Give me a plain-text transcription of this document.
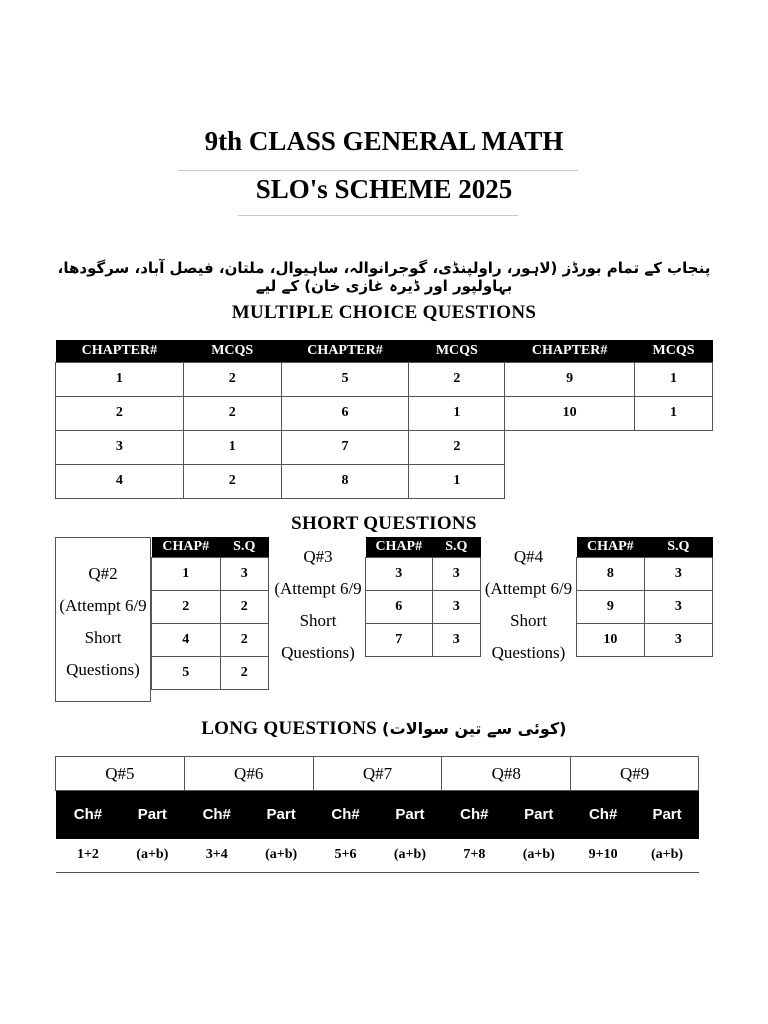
9th CLASS GENERAL MATH
SLO's SCHEME 2025
پنجاب کے تمام بورڈز (لاہور، راولپنڈی، گوجرانوالہ، ساہیوال، ملتان، فیصل آباد، سرگودھا، بہاولپور اور ڈیرہ غازی خان) کے لیے
MULTIPLE CHOICE QUESTIONS
CHAPTER#	MCQS	CHAPTER#	MCQS	CHAPTER#	MCQS
1	2	5	2	9	1
2	2	6	1	10	1
3	1	7	2		
4	2	8	1		
SHORT QUESTIONS
Q#2
(Attempt 6/9 Short Questions)
CHAP#	S.Q
1	3
2	2
4	2
5	2
Q#3
(Attempt 6/9 Short Questions)
CHAP#	S.Q
3	3
6	3
7	3
Q#4
(Attempt 6/9 Short Questions)
CHAP#	S.Q
8	3
9	3
10	3
LONG QUESTIONS (کوئی سے تین سوالات)
Q#5		Q#6		Q#7		Q#8		Q#9	
Ch#	Part	Ch#	Part	Ch#	Part	Ch#	Part	Ch#	Part
1+2	(a+b)	3+4	(a+b)	5+6	(a+b)	7+8	(a+b)	9+10	(a+b)
